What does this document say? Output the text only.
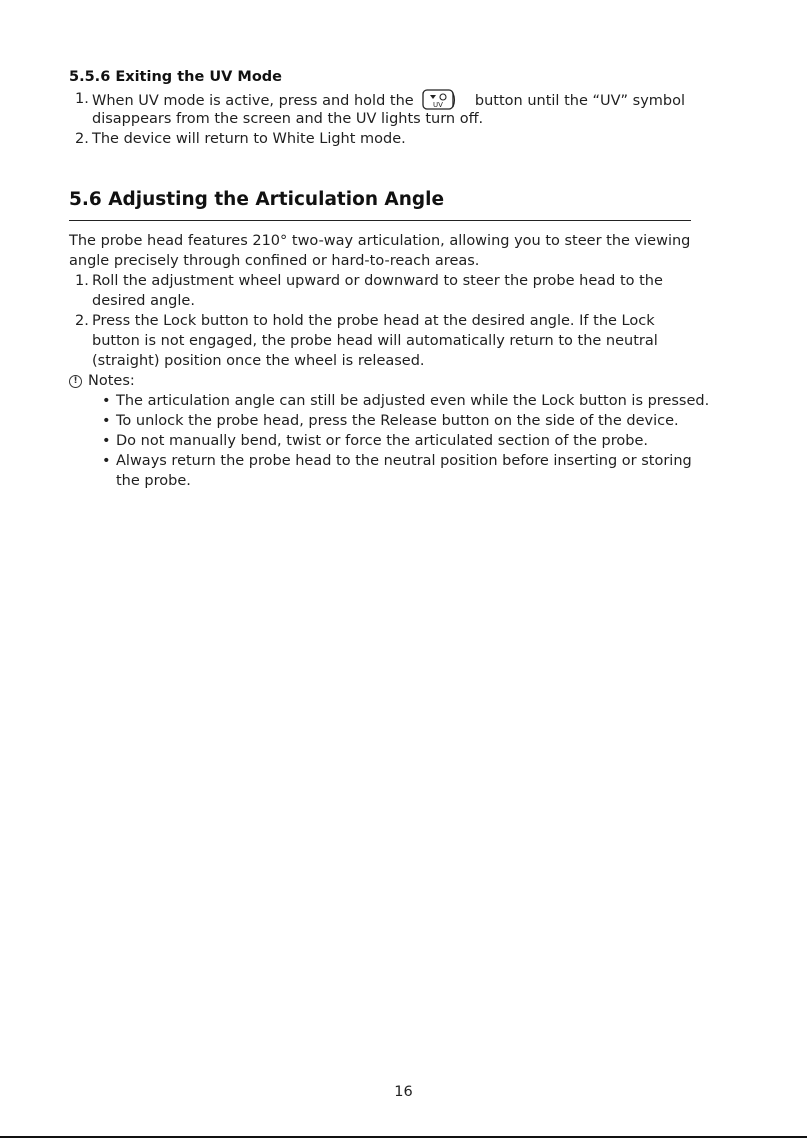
5.5.6 Exiting the UV Mode
1. When UV mode is active, press and hold the	UV button until the “UV” symbol
disappears from the screen and the UV lights turn off.
2. The device will return to White Light mode.
5.6 Adjusting the Articulation Angle
The probe head features 210° two-way articulation, allowing you to steer the viewing
angle precisely through confined or hard-to-reach areas.
1. Roll the adjustment wheel upward or downward to steer the probe head to the
desired angle.
2. Press the Lock button to hold the probe head at the desired angle. If the Lock
button is not engaged, the probe head will automatically return to the neutral
(straight) position once the wheel is released.
! Notes:
• The articulation angle can still be adjusted even while the Lock button is pressed.
• To unlock the probe head, press the Release button on the side of the device.
• Do not manually bend, twist or force the articulated section of the probe.
• Always return the probe head to the neutral position before inserting or storing
the probe.
16
